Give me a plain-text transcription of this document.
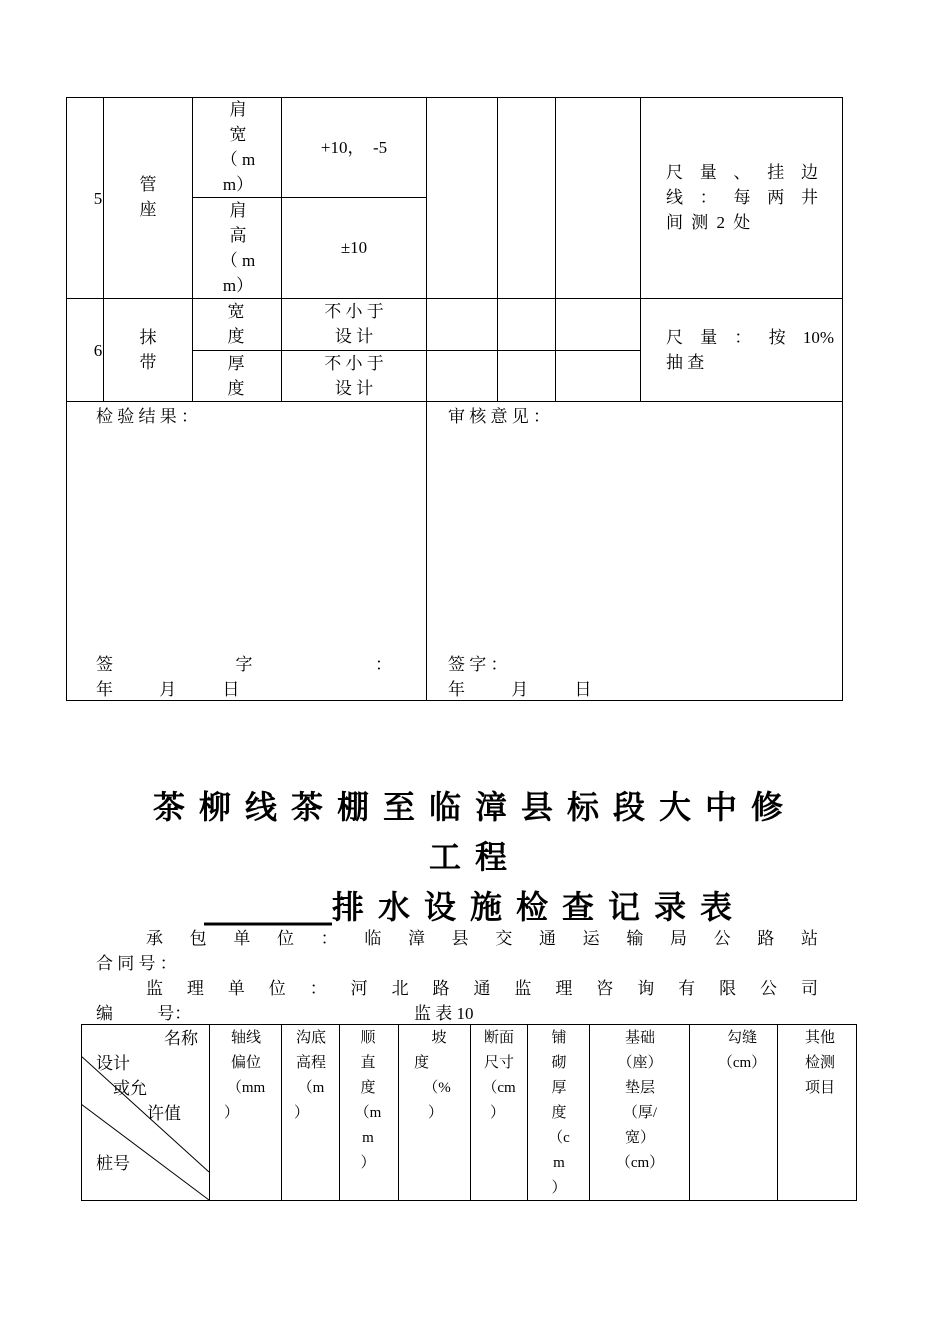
5
管座
肩
宽
（ m
m）
+10，  -5
肩
高
（ m
m）
±10
尺 量 、 挂 边
线 ： 每 两 井
间 测 2 处
6
抹
带
宽
度
不 小 于
设 计
厚
度
不 小 于
设 计
尺 量 ： 按 10%
抽 查
检 验 结 果 ：	审 核 意 见 ：
签 字 ：
年 月 日
签 字 ：
年 月 日
茶柳线茶棚至临漳县标段大中修
工程
________排水设施检查记录表
承 包 单 位 ： 临 漳 县 交 通 运 输 局 公 路 站
合 同 号 ：
监 理 单 位 ： 河 北 路 通 监 理 咨 询 有 限 公 司
编 号：	监 表 10
名称
设计
或允
许值
桩号
轴线
偏位
（mm
）
沟底
高程
（m
）
顺
直
度
（m
m
）
坡
度
（%
）
断面
尺寸
（cm
）
铺
砌
厚
度
（c
m
）
基础
（座）
垫层
（厚/
宽）
（cm）
勾缝
（cm）
其他
检测
项目
